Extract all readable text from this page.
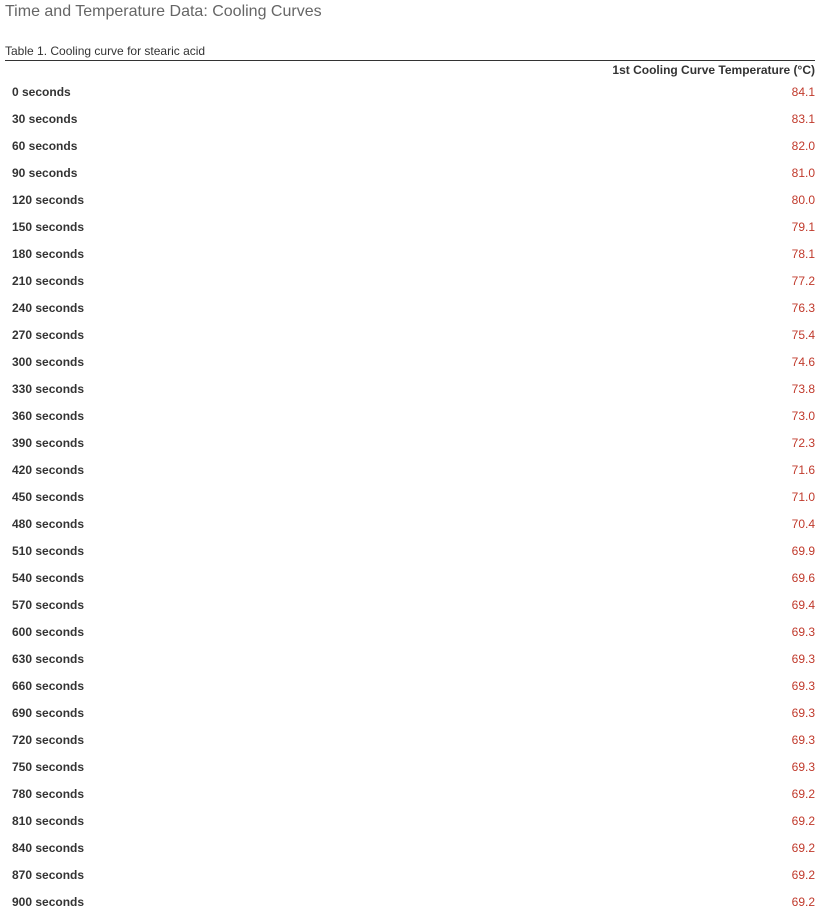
Time and Temperature Data: Cooling Curves
Table 1. Cooling curve for stearic acid
	1st Cooling Curve Temperature (°C)
0 seconds	84.1
30 seconds	83.1
60 seconds	82.0
90 seconds	81.0
120 seconds	80.0
150 seconds	79.1
180 seconds	78.1
210 seconds	77.2
240 seconds	76.3
270 seconds	75.4
300 seconds	74.6
330 seconds	73.8
360 seconds	73.0
390 seconds	72.3
420 seconds	71.6
450 seconds	71.0
480 seconds	70.4
510 seconds	69.9
540 seconds	69.6
570 seconds	69.4
600 seconds	69.3
630 seconds	69.3
660 seconds	69.3
690 seconds	69.3
720 seconds	69.3
750 seconds	69.3
780 seconds	69.2
810 seconds	69.2
840 seconds	69.2
870 seconds	69.2
900 seconds	69.2
